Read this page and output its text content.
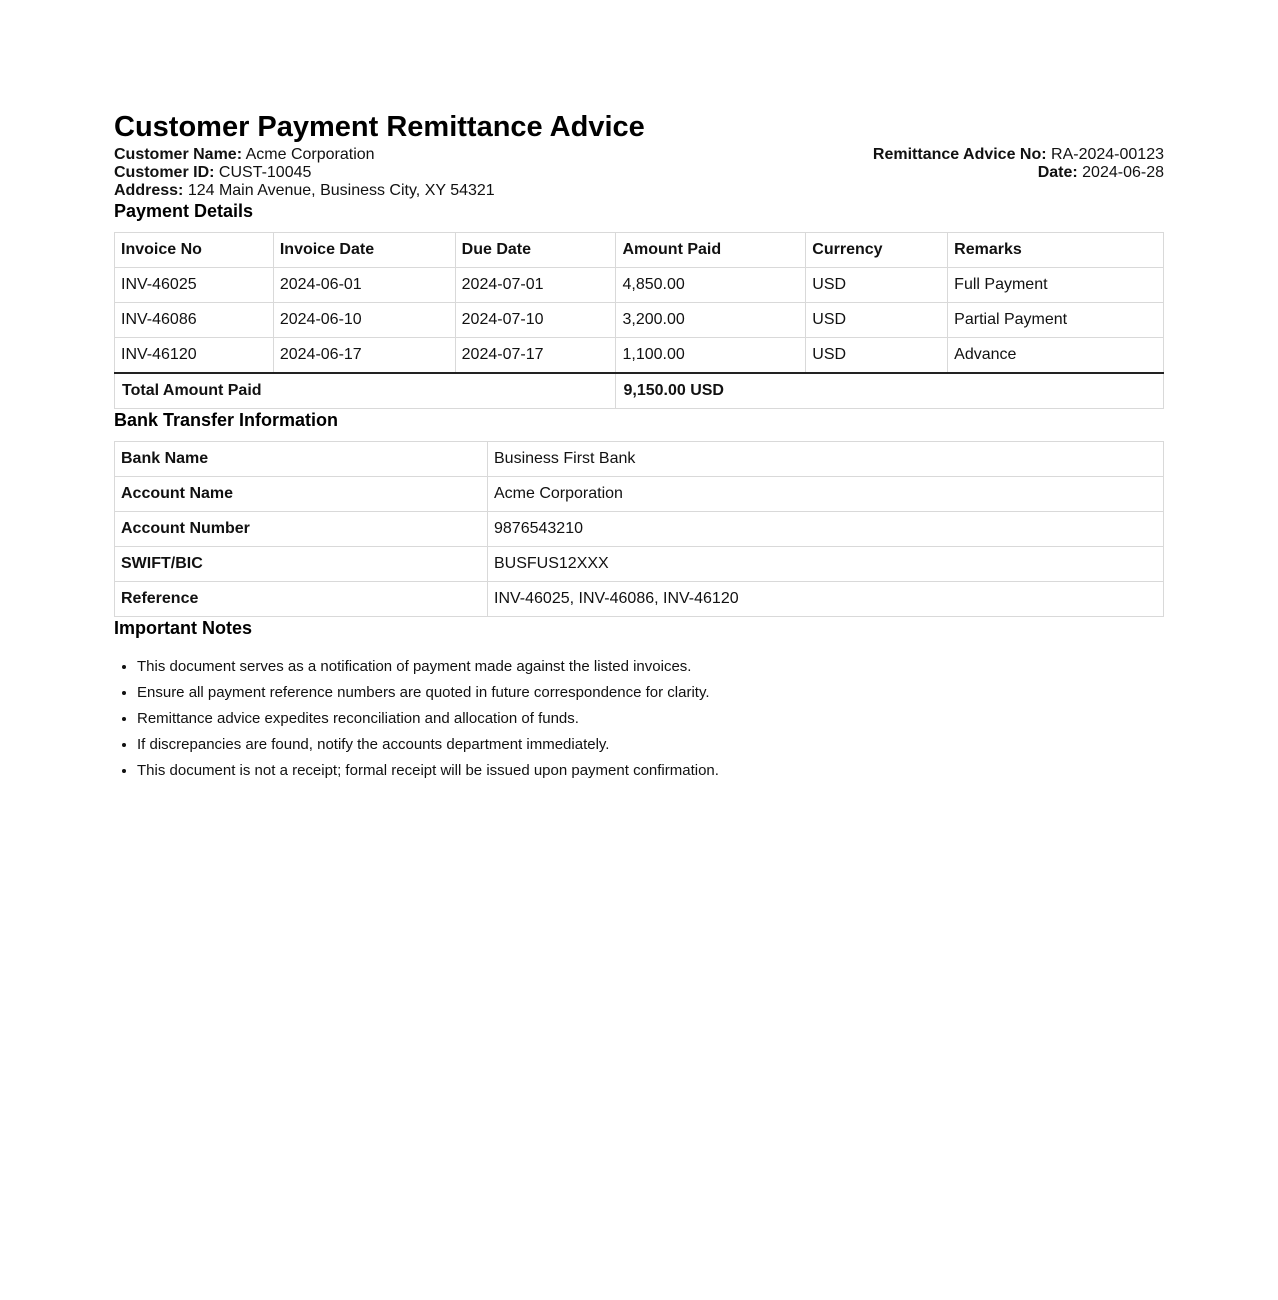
Customer Payment Remittance Advice
Customer Name: Acme Corporation
Customer ID: CUST-10045
Address: 124 Main Avenue, Business City, XY 54321
Remittance Advice No: RA-2024-00123
Date: 2024-06-28
Payment Details
Invoice No	Invoice Date	Due Date	Amount Paid	Currency	Remarks
INV-46025	2024-06-01	2024-07-01	4,850.00	USD	Full Payment
INV-46086	2024-06-10	2024-07-10	3,200.00	USD	Partial Payment
INV-46120	2024-06-17	2024-07-17	1,100.00	USD	Advance
Total Amount Paid			9,150.00 USD		
Bank Transfer Information
Bank Name	Business First Bank
Account Name	Acme Corporation
Account Number	9876543210
SWIFT/BIC	BUSFUS12XXX
Reference	INV-46025, INV-46086, INV-46120
Important Notes
• This document serves as a notification of payment made against the listed invoices.
• Ensure all payment reference numbers are quoted in future correspondence for clarity.
• Remittance advice expedites reconciliation and allocation of funds.
• If discrepancies are found, notify the accounts department immediately.
• This document is not a receipt; formal receipt will be issued upon payment confirmation.
